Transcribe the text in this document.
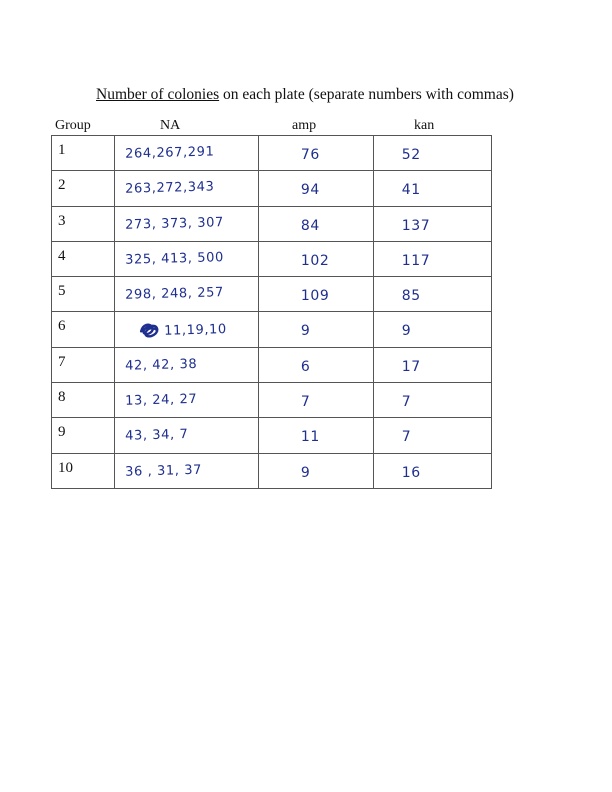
Number of colonies on each plate (separate numbers with commas)
Group	NA	amp	kan
1	264,267,291	76	52

2	263,272,343	94	41

3	273, 373, 307	84	137

4	325, 413, 500	102	117

5	298, 248, 257	109	85

6	11,19,10	9	9

7	42, 42, 38	6	17

8	13, 24, 27	7	7

9	43, 34, 7	11	7

10	36 , 31, 37	9	16
